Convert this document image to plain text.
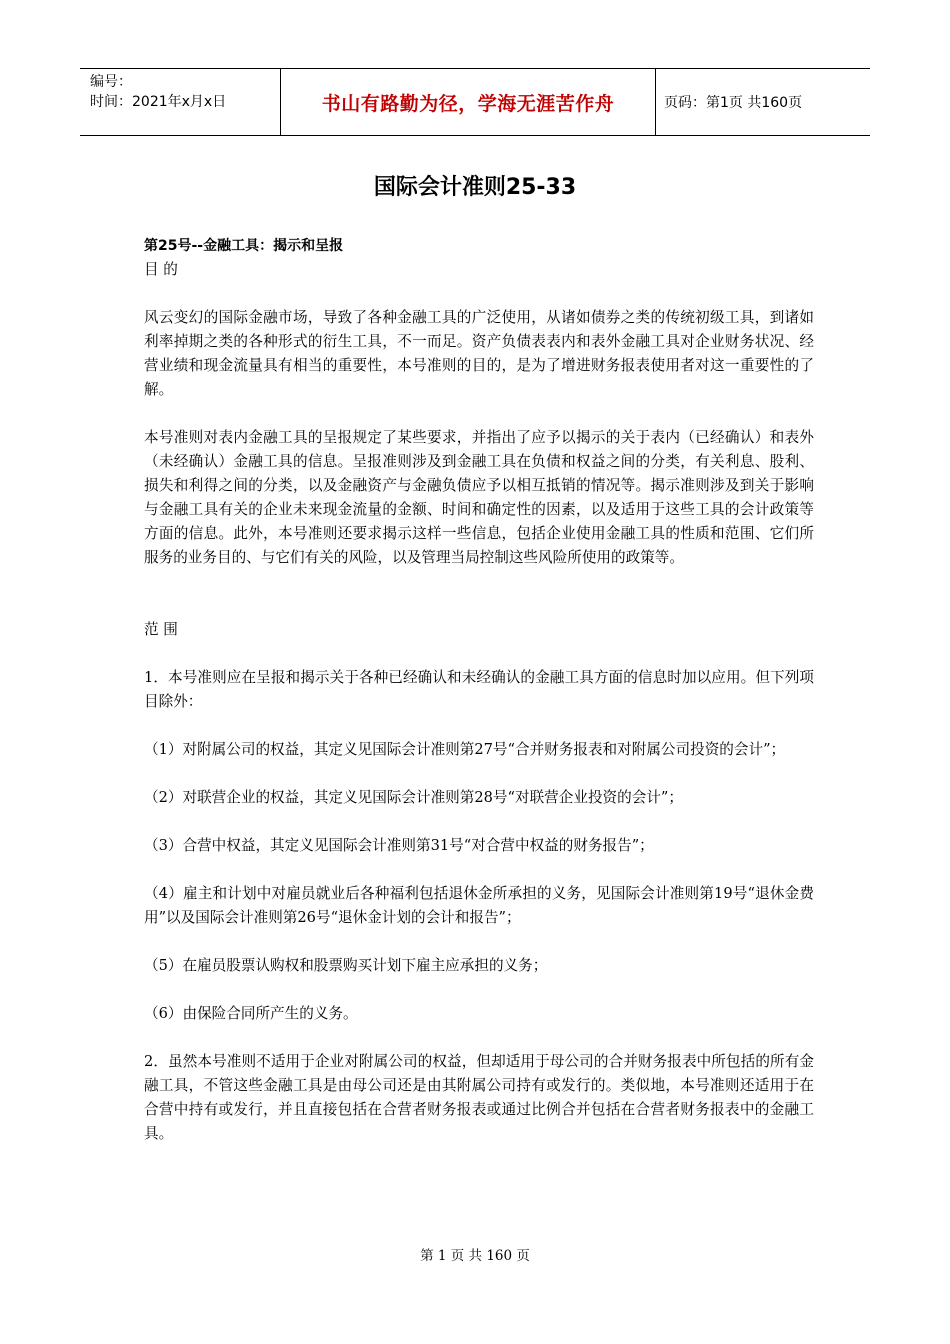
编号：
时间：2021年x月x日	书山有路勤为径，学海无涯苦作舟	页码：第1页 共160页
国际会计准则25-33
第25号--金融工具：揭示和呈报
目 的

风云变幻的国际金融市场，导致了各种金融工具的广泛使用，从诸如债券之类的传统初级工具，到诸如利率掉期之类的各种形式的衍生工具，不一而足。资产负债表表内和表外金融工具对企业财务状况、经营业绩和现金流量具有相当的重要性，本号准则的目的，是为了增进财务报表使用者对这一重要性的了解。

本号准则对表内金融工具的呈报规定了某些要求，并指出了应予以揭示的关于表内（已经确认）和表外（未经确认）金融工具的信息。呈报准则涉及到金融工具在负债和权益之间的分类，有关利息、股利、损失和利得之间的分类，以及金融资产与金融负债应予以相互抵销的情况等。揭示准则涉及到关于影响与金融工具有关的企业未来现金流量的金额、时间和确定性的因素，以及适用于这些工具的会计政策等方面的信息。此外，本号准则还要求揭示这样一些信息，包括企业使用金融工具的性质和范围、它们所服务的业务目的、与它们有关的风险，以及管理当局控制这些风险所使用的政策等。

范 围

1．本号准则应在呈报和揭示关于各种已经确认和未经确认的金融工具方面的信息时加以应用。但下列项目除外：

（1）对附属公司的权益，其定义见国际会计准则第27号“合并财务报表和对附属公司投资的会计”；

（2）对联营企业的权益，其定义见国际会计准则第28号“对联营企业投资的会计”；

（3）合营中权益，其定义见国际会计准则第31号“对合营中权益的财务报告”；

（4）雇主和计划中对雇员就业后各种福利包括退休金所承担的义务，见国际会计准则第19号“退休金费用”以及国际会计准则第26号“退休金计划的会计和报告”；

（5）在雇员股票认购权和股票购买计划下雇主应承担的义务；

（6）由保险合同所产生的义务。

2．虽然本号准则不适用于企业对附属公司的权益，但却适用于母公司的合并财务报表中所包括的所有金融工具，不管这些金融工具是由母公司还是由其附属公司持有或发行的。类似地，本号准则还适用于在合营中持有或发行，并且直接包括在合营者财务报表或通过比例合并包括在合营者财务报表中的金融工具。

第 1 页 共 160 页
